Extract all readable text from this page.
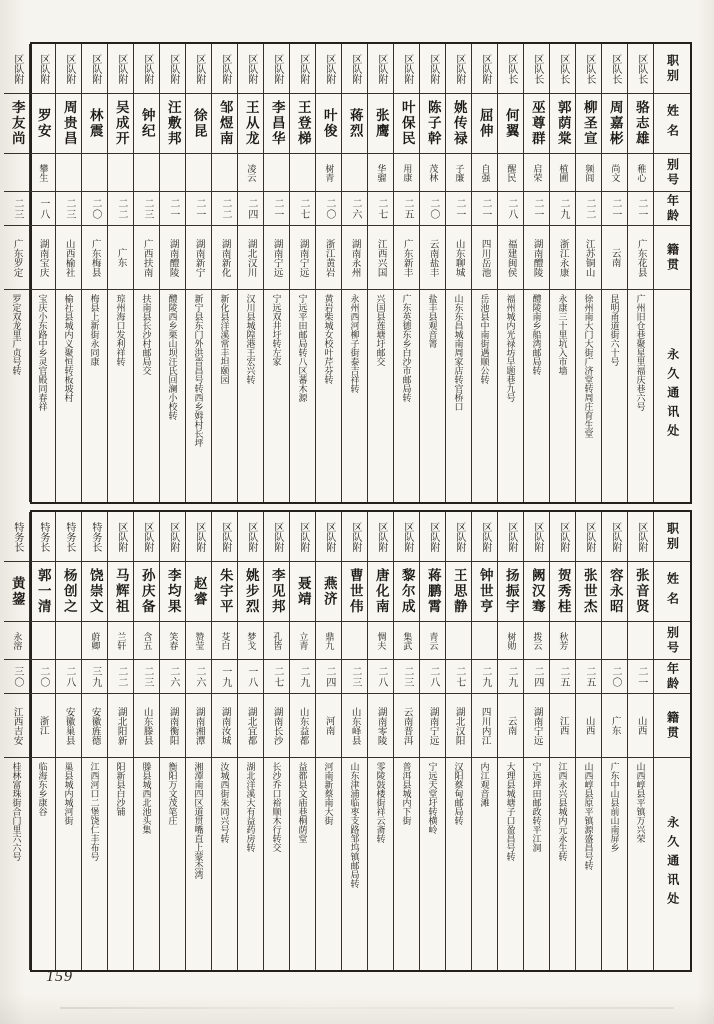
职别
姓名
别号
年龄
籍贯
永久通讯处
区队长
骆志雄
稚心
二一
广东花县
广州旧仓巷聚星里福庆巷六号
区队长
周嘉彬
尚文
二一
云南
昆明甬道街六十号
区队长
柳圣宣
频闾
二二
江苏铜山
徐州南大门大街广济堂转周庄育生堂
区队长
郭荫棠
植圃
二九
浙江永康
永康三十里坑入市墙
区队长
巫尊群
启荣
二一
湖南醴陵
醴陵南乡船湾邮局转
区队长
何翼
醒民
二八
福建闽侯
福州城内光禄坊早题巷九号
区队附
屈伸
自强
二一
四川岳池
岳池县中南街遇顺公转
区队附
姚传禄
子廉
二一
山东聊城
山东东昌城南周家店转官桥口
区队附
陈子幹
茂林
二〇
云南盐丰
盐丰县观音箐
区队附
叶保民
用康
二五
广东新丰
广东英德东乡白沙市邮局转
区队附
张鹰
华骝
二七
江西兴国
兴国县莲塘圩邮交
区队附
蒋烈
二六
湖南永州
永州西河柳子街泰吉祥转
区队附
叶俊
树青
二〇
浙江黄岩
黄岩柴城女校叶芹芬转
区队附
王登梯
二七
湖南宁远
宁远平田邮局转八区蕃木源
区队附
李昌华
二一
湖南宁远
宁远双井圩转左家
区队附
王从龙
凌云
二四
湖北汉川
汉川县城隍港王宏兴转
区队附
邹煜南
二二
湖南新化
新化县洋溪常丰坦颐园
区队附
徐昆
二一
湖南新宁
新宁县东门外洪晋昌号转西乡姆村长坪
区队附
汪敷邦
二一
湖南醴陵
醴陵西乡栗山坝汪氏回澜小校转
区队附
钟纪
二三
广西扶南
扶南县长沙村邮局交
区队附
吴成开
二二
广东
琼州海口发利祥转
区队附
林震
二〇
广东梅县
梅县上新街永同康
区队附
周贵昌
二三
山西榆社
榆社县城内义聚恒转板坡村
区队附
罗安
攀生
一八
湖南宝庆
宝庆小东路中乡灵官殿同春祥
区队附
李友尚
二三
广东罗定
罗定双龙里广贞号转
职别
姓名
别号
年龄
籍贯
永久通讯处
区队附
张音贤
二一
山西
山西崞县平镇万兴荣
区队附
容永昭
二〇
广东
广东中山县前山南屏乡
区队附
张世杰
二五
山西
山西崞县原平镇源盛昌号转
区队附
贺秀桂
秋芳
二五
江西
江西永兴县城内元永生转
区队附
阙汉骞
拨云
二四
湖南宁远
宁远坪田邮政转平江洞
区队附
扬振宇
树勋
二九
云南
大理县城塘子口盈昌号转
区队附
钟世亨
二九
四川内江
内江观音滩
区队附
王思静
二七
湖北汉阳
汉阳蔡甸邮局转
区队附
蒋鹏霄
青云
二八
湖南宁远
宁远天堂圩转横岭
区队附
黎尔成
集武
二三
云南普洱
普洱县城内下街
区队附
唐化南
惆夫
二八
湖南零陵
零陵鼓楼街祥云斋转
区队附
曹世伟
二三
山东峄县
山东津浦临枣支路邹坞镇邮局转
区队附
燕济
鼎九
二四
河南
河南新蔡南大街
区队附
聂靖
立青
二九
山东益都
益都县文庙巷桐荫堂
区队附
李见邦
孔皆
二七
湖南长沙
长沙乔口裕顺木行转交
区队附
姚步烈
梦戈
一八
湖北宜都
湖北洋溪大有益药房转
区队附
朱宇平
芟白
一九
湖南汝城
汝城西街朱同兴号转
区队附
赵睿
赞莹
二六
湖南湘潭
湘潭南四区道贯嘴直上蒙杰湾
区队附
李均果
笑春
二六
湖南衡阳
衡阳万文茂笔庄
区队附
孙庆备
含五
二三
山东滕县
滕县城西北池头集
区队附
马辉祖
兰轩
二二
湖北阳新
阳新县白沙铺
特务长
饶崇文
蔚卿
三九
安徽旌德
江西河口二堡饶仁丰布号
特务长
杨创之
二八
安徽巢县
巢县城内城河街
特务长
郭一清
二〇
浙江
临海东乡康谷
特务长
黄鋆
永溶
三〇
江西吉安
桂林富珠街合门里六六号
159
